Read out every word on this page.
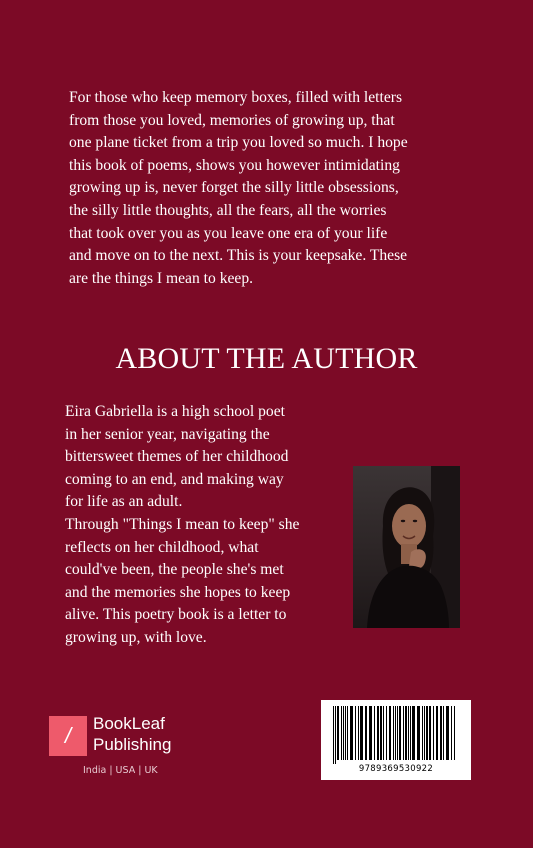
For those who keep memory boxes, filled with letters
from those you loved, memories of growing up, that
one plane ticket from a trip you loved so much. I hope
this book of poems, shows you however intimidating
growing up is, never forget the silly little obsessions,
the silly little thoughts, all the fears, all the worries
that took over you as you leave one era of your life
and move on to the next. This is your keepsake. These
are the things I mean to keep.
ABOUT THE AUTHOR
Eira Gabriella is a high school poet
in her senior year, navigating the
bittersweet themes of her childhood
coming to an end, and making way
for life as an adult.
Through "Things I mean to keep" she
reflects on her childhood, what
could've been, the people she's met
and the memories she hopes to keep
alive. This poetry book is a letter to
growing up, with love.
/	BookLeaf
Publishing
India | USA | UK	9789369530922
